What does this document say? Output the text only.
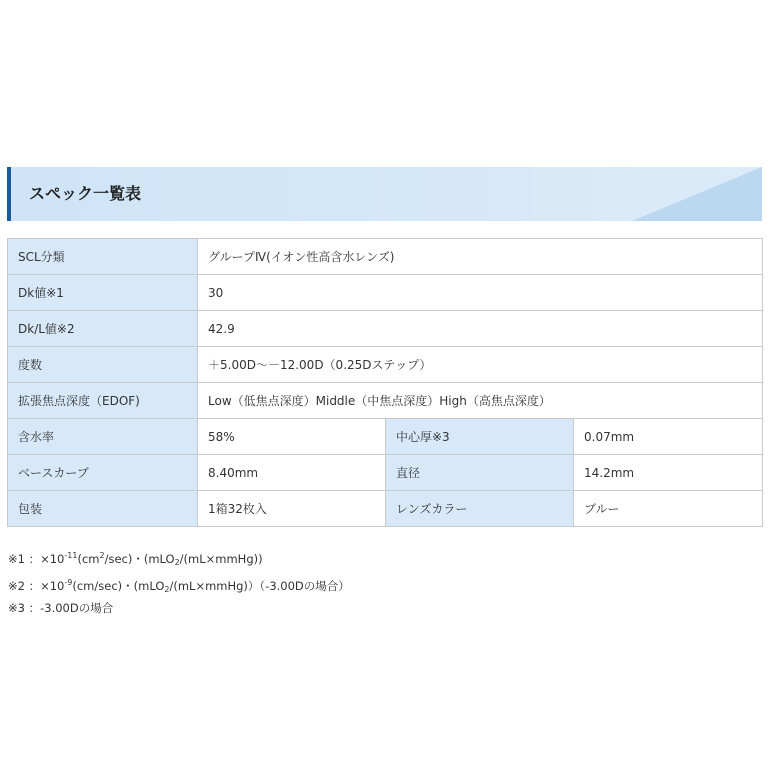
スペック一覧表
SCL分類	グループⅣ(イオン性高含水レンズ)		
Dk値※1	30		
Dk/L値※2	42.9		
度数	＋5.00D～－12.00D（0.25Dステップ）		
拡張焦点深度（EDOF)	Low（低焦点深度）Middle（中焦点深度）High（高焦点深度）		
含水率	58%	中心厚※3	0.07mm
ベースカーブ	8.40mm	直径	14.2mm
包装	1箱32枚入	レンズカラー	ブルー
※1 ：$\times 10^{-11}(cm^2/\sec)$・(mLO$_2$/(mL×mmHg))
※2 ：$\times 10^{-9}(cm/\sec)$・(mLO$_2$/(mL×mmHg)）（-3.00Dの場合）
※3 ：-3.00Dの場合
